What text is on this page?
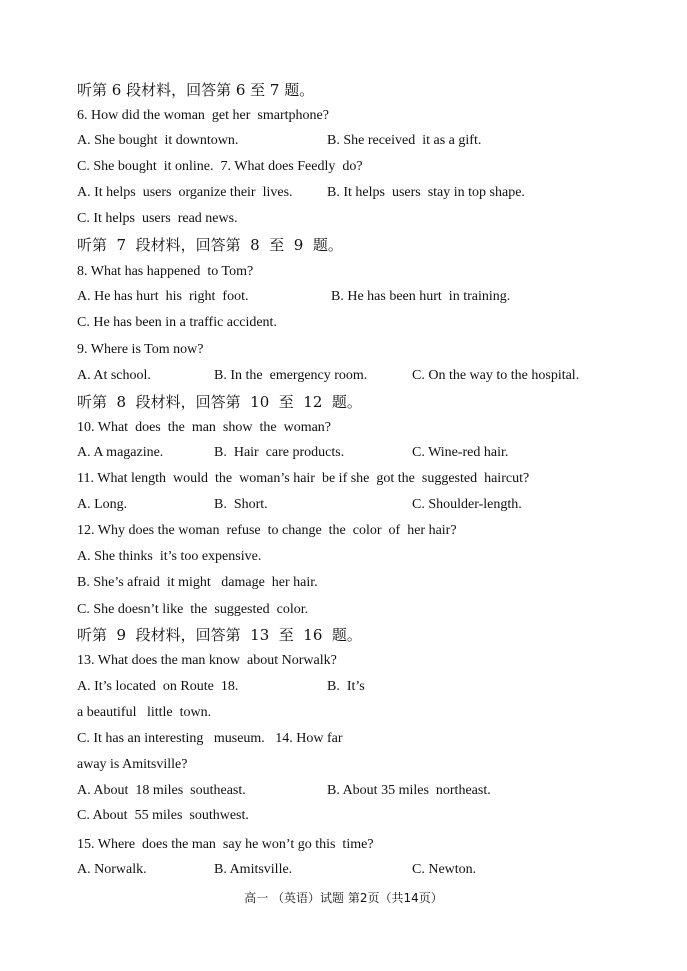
听第 6 段材料，回答第 6 至 7 题。
6. How did the woman  get her  smartphone?
A. She bought  it downtown.	B. She received  it as a gift.
C. She bought  it online.  7. What does Feedly  do?
A. It helps  users  organize their  lives. B. It helps  users  stay in top shape.
C. It helps  users  read news.
听第  7  段材料，回答第  8  至  9  题。
8. What has happened  to Tom?
A. He has hurt  his  right  foot.	B. He has been hurt  in training.
C. He has been in a traffic accident.
9. Where is Tom now?
A. At school.	B. In the  emergency room.	C. On the way to the hospital.
听第  8  段材料，回答第  10  至  12  题。
10. What  does  the  man  show  the  woman?
A. A magazine.	B.  Hair  care products.	C. Wine-red hair.
11. What length  would  the  woman’s hair  be if she  got the  suggested  haircut?
A. Long.	B.  Short.	C. Shoulder-length.
12. Why does the woman  refuse  to change  the  color  of  her hair?
A. She thinks  it’s too expensive.
B. She’s afraid  it might   damage  her hair.
C. She doesn’t like  the  suggested  color.
听第  9  段材料，回答第  13  至  16  题。
13. What does the man know  about Norwalk?
A. It’s located  on Route  18.	B.  It’s
a beautiful   little  town.
C. It has an interesting   museum.   14. How far
away is Amitsville?
A. About  18 miles  southeast.	B. About 35 miles  northeast.
C. About  55 miles  southwest.
15. Where  does the man  say he won’t go this  time?
A. Norwalk.	B. Amitsville.	C. Newton.
高一 （英语）试题 第2页（共14页）
